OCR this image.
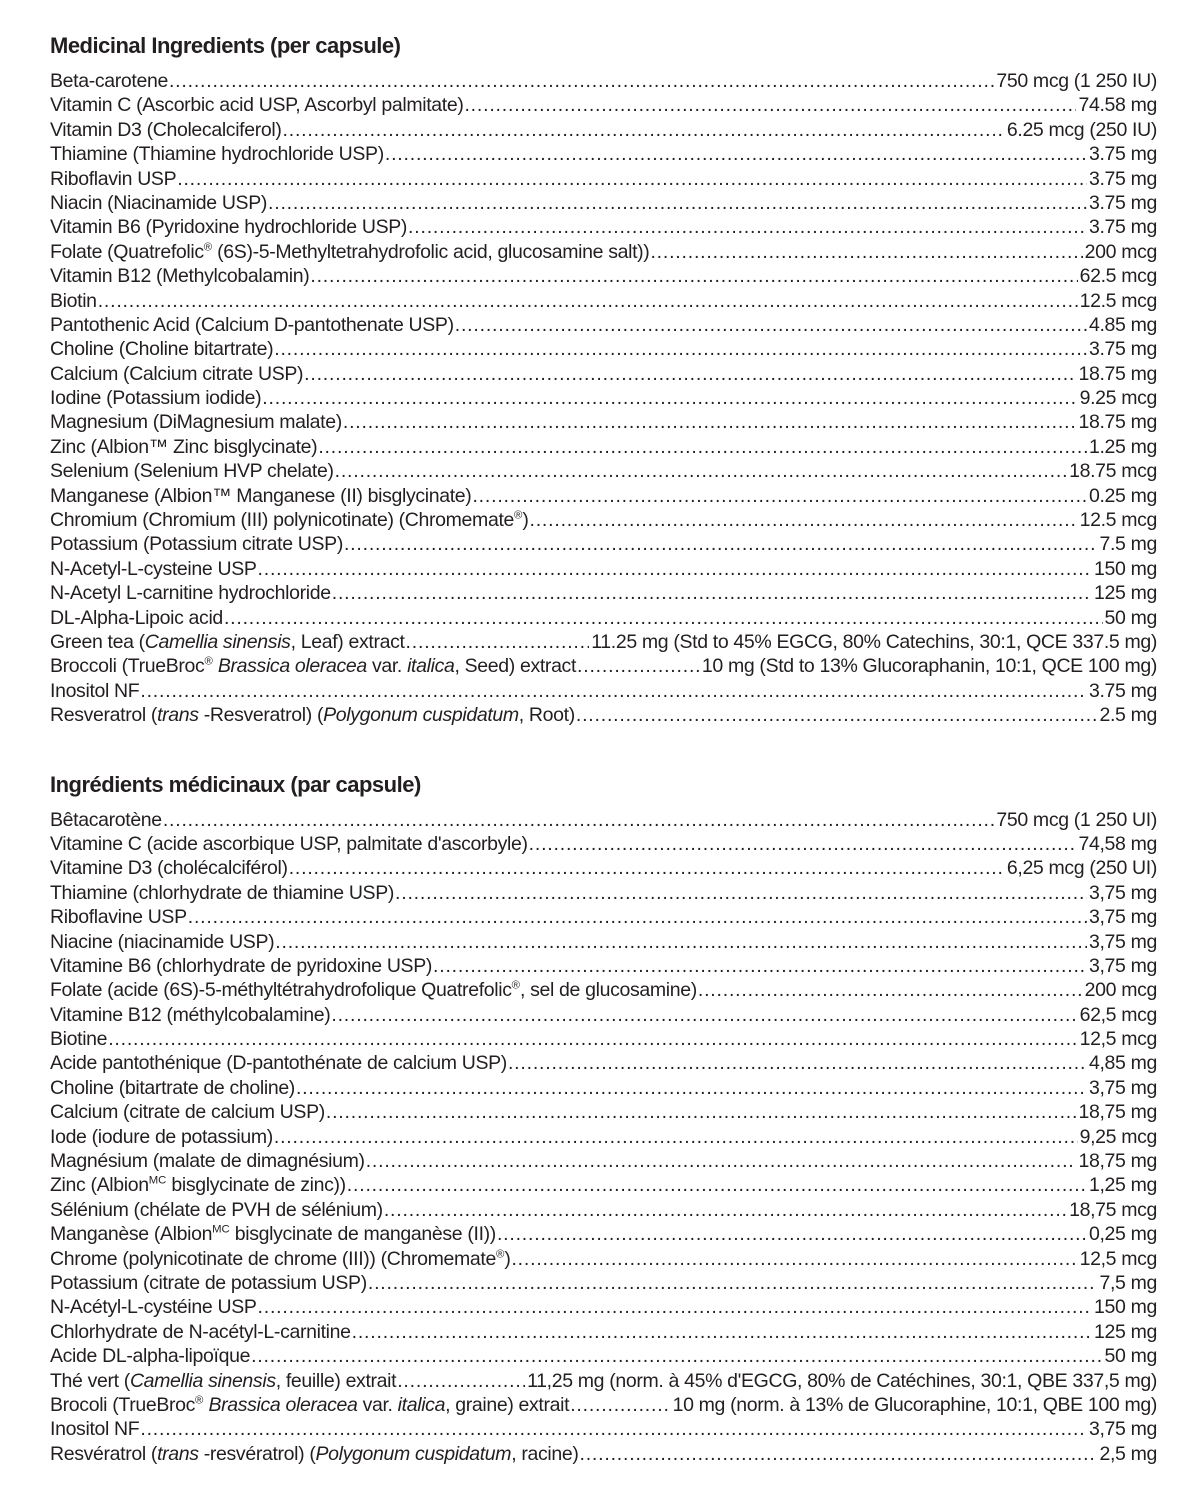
Medicinal Ingredients (per capsule)
Beta-carotene .....	750 mcg (1 250 IU)
Vitamin C (Ascorbic acid USP, Ascorbyl palmitate) .....	74.58 mg
Vitamin D3 (Cholecalciferol) .....	6.25 mcg (250 IU)
Thiamine (Thiamine hydrochloride USP) .....	3.75 mg
Riboflavin USP .....	3.75 mg
Niacin (Niacinamide USP) .....	3.75 mg
Vitamin B6 (Pyridoxine hydrochloride USP) .....	3.75 mg
Folate (Quatrefolic® (6S)-5-Methyltetrahydrofolic acid, glucosamine salt)) .....	200 mcg
Vitamin B12 (Methylcobalamin) .....	62.5 mcg
Biotin .....	12.5 mcg
Pantothenic Acid (Calcium D-pantothenate USP) .....	4.85 mg
Choline (Choline bitartrate) .....	3.75 mg
Calcium (Calcium citrate USP) .....	18.75 mg
Iodine (Potassium iodide) .....	9.25 mcg
Magnesium (DiMagnesium malate) .....	18.75 mg
Zinc (Albion™ Zinc bisglycinate) .....	1.25 mg
Selenium (Selenium HVP chelate) .....	18.75 mcg
Manganese (Albion™ Manganese (II) bisglycinate) .....	0.25 mg
Chromium (Chromium (III) polynicotinate) (Chromemate®) .....	12.5 mcg
Potassium (Potassium citrate USP) .....	7.5 mg
N-Acetyl-L-cysteine USP .....	150 mg
N-Acetyl L-carnitine hydrochloride .....	125 mg
DL-Alpha-Lipoic acid .....	50 mg
Green tea (Camellia sinensis, Leaf) extract .....	11.25 mg (Std to 45% EGCG, 80% Catechins, 30:1, QCE 337.5 mg)
Broccoli (TrueBroc® Brassica oleracea var. italica, Seed) extract .....	10 mg (Std to 13% Glucoraphanin, 10:1, QCE 100 mg)
Inositol NF .....	3.75 mg
Resveratrol (trans -Resveratrol) (Polygonum cuspidatum, Root) .....	2.5 mg
Ingrédients médicinaux (par capsule)
Bêtacarotène .....	750 mcg (1 250 UI)
Vitamine C (acide ascorbique USP, palmitate d'ascorbyle) .....	74,58 mg
Vitamine D3 (cholécalciférol) .....	6,25 mcg (250 UI)
Thiamine (chlorhydrate de thiamine USP) .....	3,75 mg
Riboflavine USP .....	3,75 mg
Niacine (niacinamide USP) .....	3,75 mg
Vitamine B6 (chlorhydrate de pyridoxine USP) .....	3,75 mg
Folate (acide (6S)-5-méthyltétrahydrofolique Quatrefolic®, sel de glucosamine) .....	200 mcg
Vitamine B12 (méthylcobalamine) .....	62,5 mcg
Biotine .....	12,5 mcg
Acide pantothénique (D-pantothénate de calcium USP) .....	4,85 mg
Choline (bitartrate de choline) .....	3,75 mg
Calcium (citrate de calcium USP) .....	18,75 mg
Iode (iodure de potassium) .....	9,25 mcg
Magnésium (malate de dimagnésium) .....	18,75 mg
Zinc (Albion$^{MC}$ bisglycinate de zinc)) .....	1,25 mg
Sélénium (chélate de PVH de sélénium) .....	18,75 mcg
Manganèse (Albion$^{MC}$ bisglycinate de manganèse (II)) .....	0,25 mg
Chrome (polynicotinate de chrome (III)) (Chromemate®) .....	12,5 mcg
Potassium (citrate de potassium USP) .....	7,5 mg
N-Acétyl-L-cystéine USP .....	150 mg
Chlorhydrate de N-acétyl-L-carnitine .....	125 mg
Acide DL-alpha-lipoïque .....	50 mg
Thé vert (Camellia sinensis, feuille) extrait .....	11,25 mg (norm. à 45% d'EGCG, 80% de Catéchines, 30:1, QBE 337,5 mg)
Brocoli (TrueBroc® Brassica oleracea var. italica, graine) extrait .....	10 mg (norm. à 13% de Glucoraphine, 10:1, QBE 100 mg)
Inositol NF .....	3,75 mg
Resvératrol (trans -resvératrol) (Polygonum cuspidatum, racine) .....	2,5 mg
